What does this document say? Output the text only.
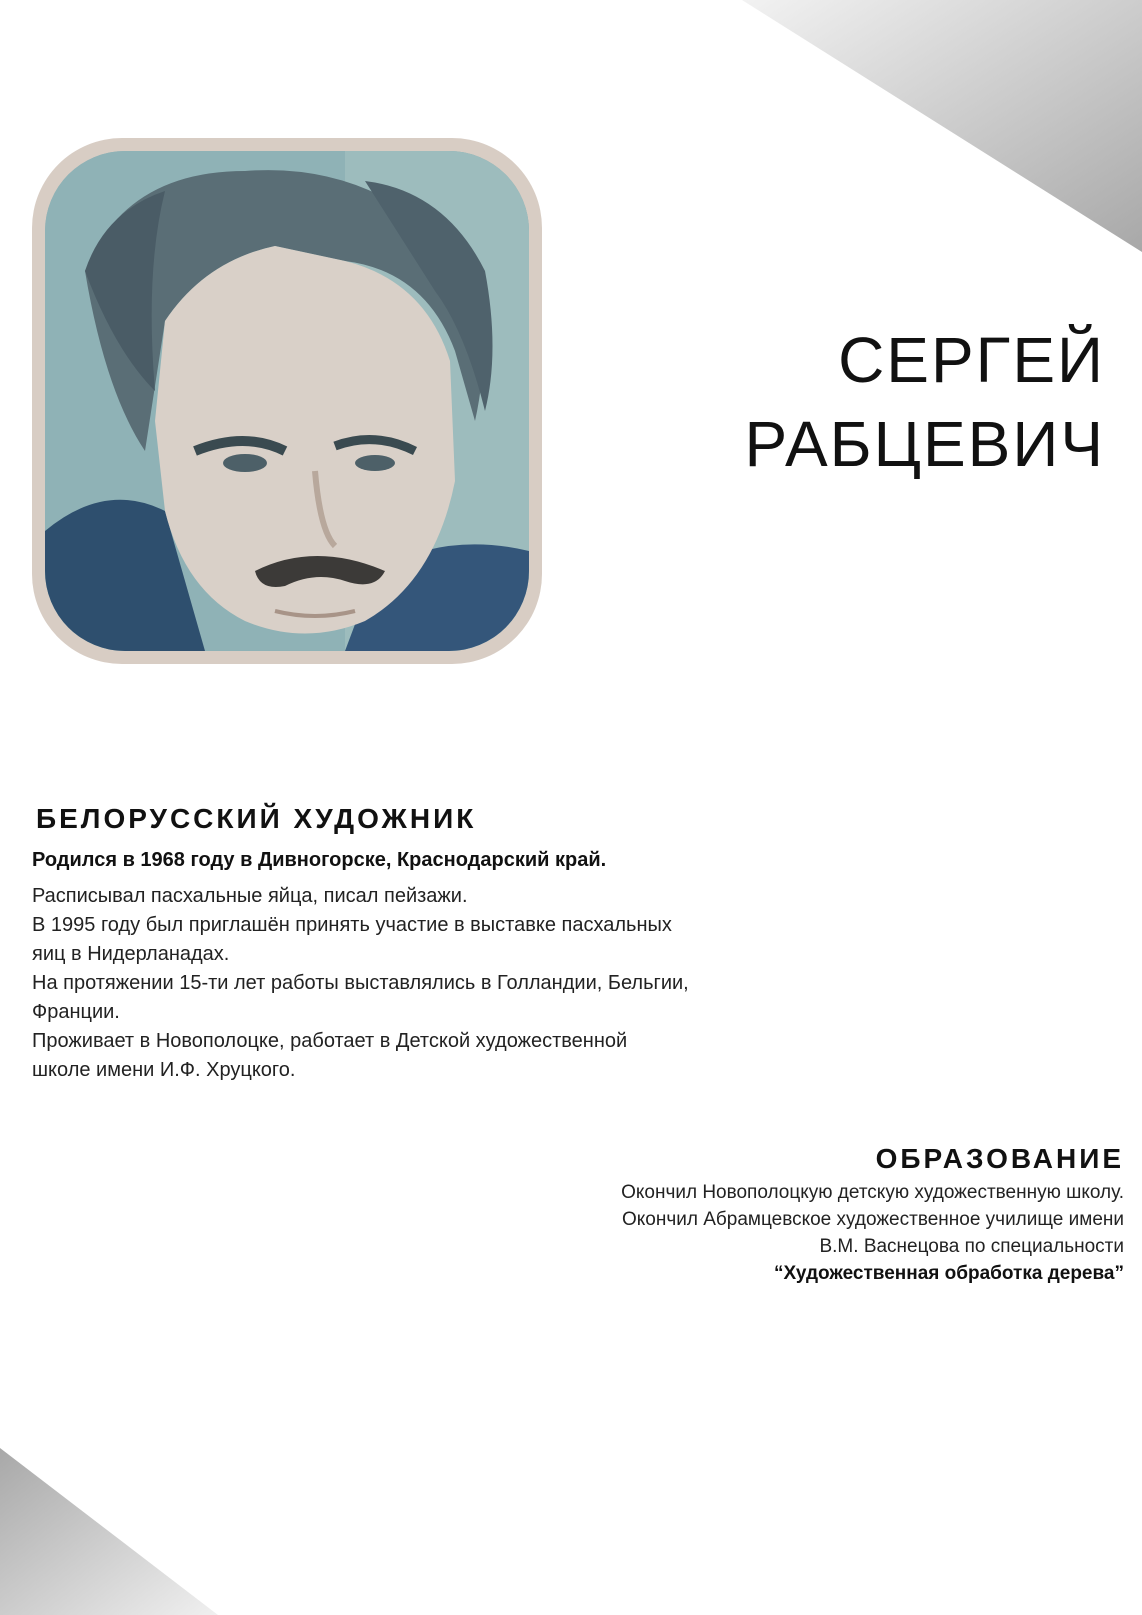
СЕРГЕЙ
РАБЦЕВИЧ
БЕЛОРУССКИЙ ХУДОЖНИК
Родился в 1968 году в Дивногорске, Краснодарский край.
Расписывал пасхальные яйца, писал пейзажи.
В 1995 году был приглашён принять участие в выставке пасхальных
яиц в Нидерланадах.
На протяжении 15-ти лет работы выставлялись в Голландии, Бельгии,
Франции.
Проживает в Новополоцке, работает в Детской художественной
школе имени И.Ф. Хруцкого.
ОБРАЗОВАНИЕ
Окончил Новополоцкую детскую художественную школу.
Окончил Абрамцевское художественное училище имени
В.М. Васнецова по специальности
“Художественная обработка дерева”
